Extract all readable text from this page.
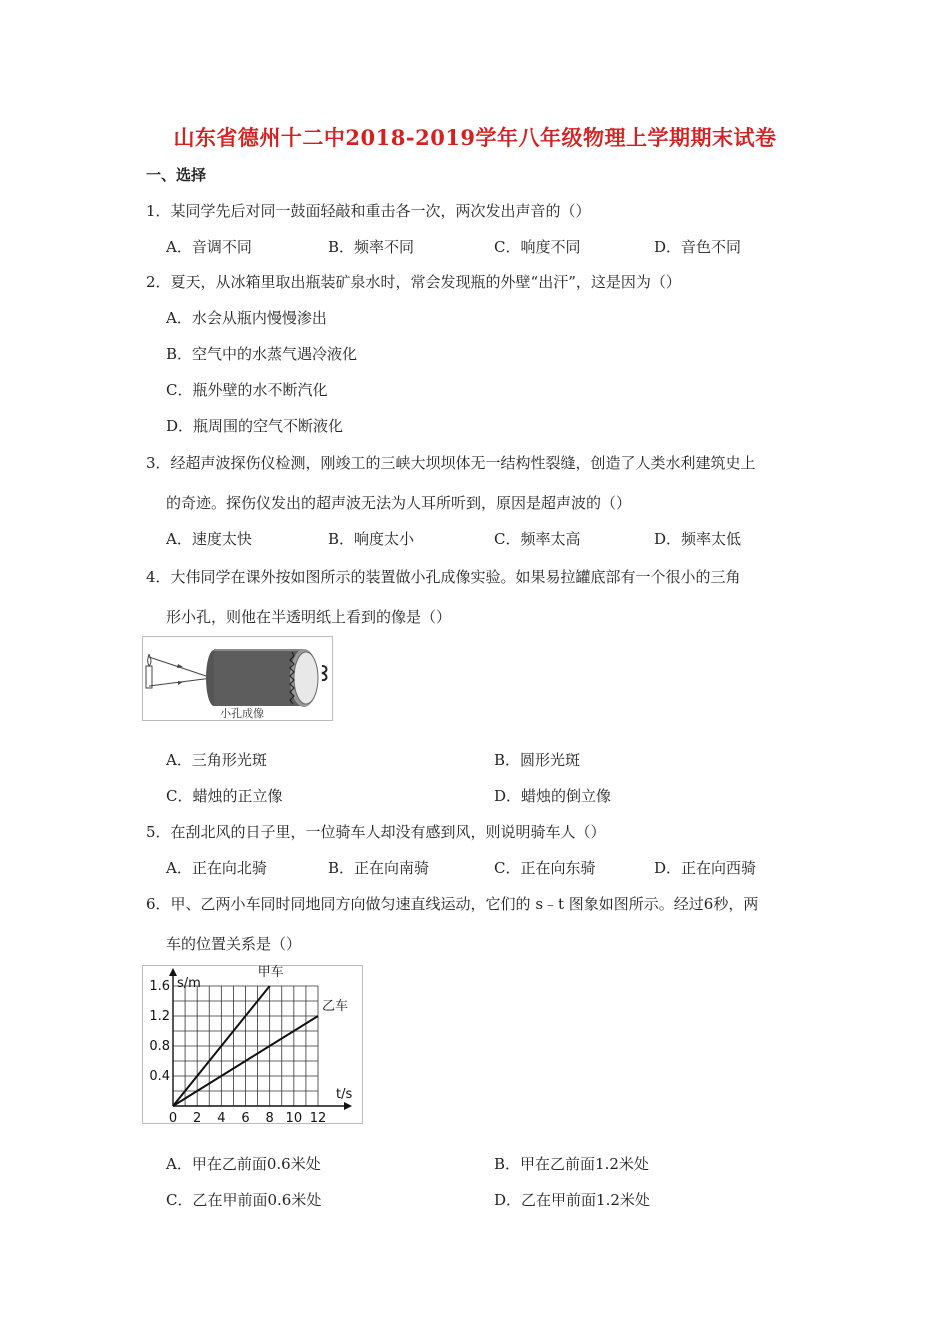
山东省德州十二中2018-2019学年八年级物理上学期期末试卷
一、选择
1．某同学先后对同一鼓面轻敲和重击各一次，两次发出声音的（）
A．音调不同	B．频率不同	C．响度不同	D．音色不同
2．夏天，从冰箱里取出瓶装矿泉水时，常会发现瓶的外壁“出汗”，这是因为（）
A．水会从瓶内慢慢渗出
B．空气中的水蒸气遇冷液化
C．瓶外壁的水不断汽化
D．瓶周围的空气不断液化
3．经超声波探伤仪检测，刚竣工的三峡大坝坝体无一结构性裂缝，创造了人类水利建筑史上
的奇迹。探伤仪发出的超声波无法为人耳所听到，原因是超声波的（）
A．速度太快	B．响度太小	C．频率太高	D．频率太低
4．大伟同学在课外按如图所示的装置做小孔成像实验。如果易拉罐底部有一个很小的三角
形小孔，则他在半透明纸上看到的像是（）
小孔成像
A．三角形光斑	B．圆形光斑
C．蜡烛的正立像	D．蜡烛的倒立像
5．在刮北风的日子里，一位骑车人却没有感到风，则说明骑车人（）
A．正在向北骑	B．正在向南骑	C．正在向东骑	D．正在向西骑
6．甲、乙两小车同时同地同方向做匀速直线运动，它们的 s﹣t 图象如图所示。经过6秒，两
车的位置关系是（）
0 2 4 6 8 10 12
0.4
0.8
1.2
1.6
甲车
乙车
s/m
t/s
A．甲在乙前面0.6米处	B．甲在乙前面1.2米处
C．乙在甲前面0.6米处	D．乙在甲前面1.2米处
